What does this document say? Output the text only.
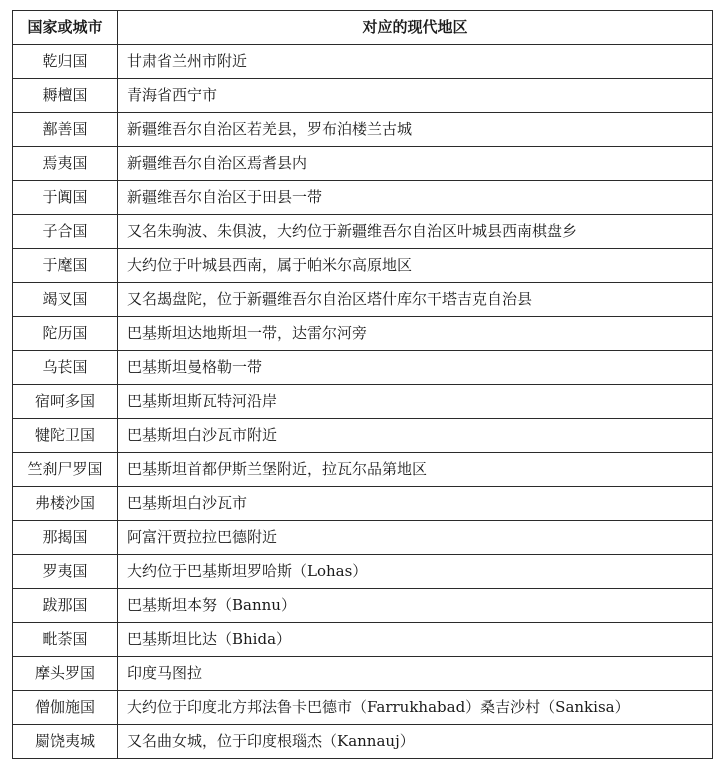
国家或城市	对应的现代地区
乾归国	甘肃省兰州市附近
耨檀国	青海省西宁市
鄯善国	新疆维吾尔自治区若羌县，罗布泊楼兰古城
焉夷国	新疆维吾尔自治区焉耆县内
于阗国	新疆维吾尔自治区于田县一带
子合国	又名朱驹波、朱俱波，大约位于新疆维吾尔自治区叶城县西南棋盘乡
于麾国	大约位于叶城县西南，属于帕米尔高原地区
竭叉国	又名朅盘陀，位于新疆维吾尔自治区塔什库尔干塔吉克自治县
陀历国	巴基斯坦达地斯坦一带，达雷尔河旁
乌苌国	巴基斯坦曼格勒一带
宿呵多国	巴基斯坦斯瓦特河沿岸
犍陀卫国	巴基斯坦白沙瓦市附近
竺刹尸罗国	巴基斯坦首都伊斯兰堡附近，拉瓦尔品第地区
弗楼沙国	巴基斯坦白沙瓦市
那揭国	阿富汗贾拉拉巴德附近
罗夷国	大约位于巴基斯坦罗哈斯（Lohas）
跋那国	巴基斯坦本努（Bannu）
毗荼国	巴基斯坦比达（Bhida）
摩头罗国	印度马图拉
僧伽施国	大约位于印度北方邦法鲁卡巴德市（Farrukhabad）桑吉沙村（Sankisa）
罽饶夷城	又名曲女城，位于印度根瑙杰（Kannauj）
